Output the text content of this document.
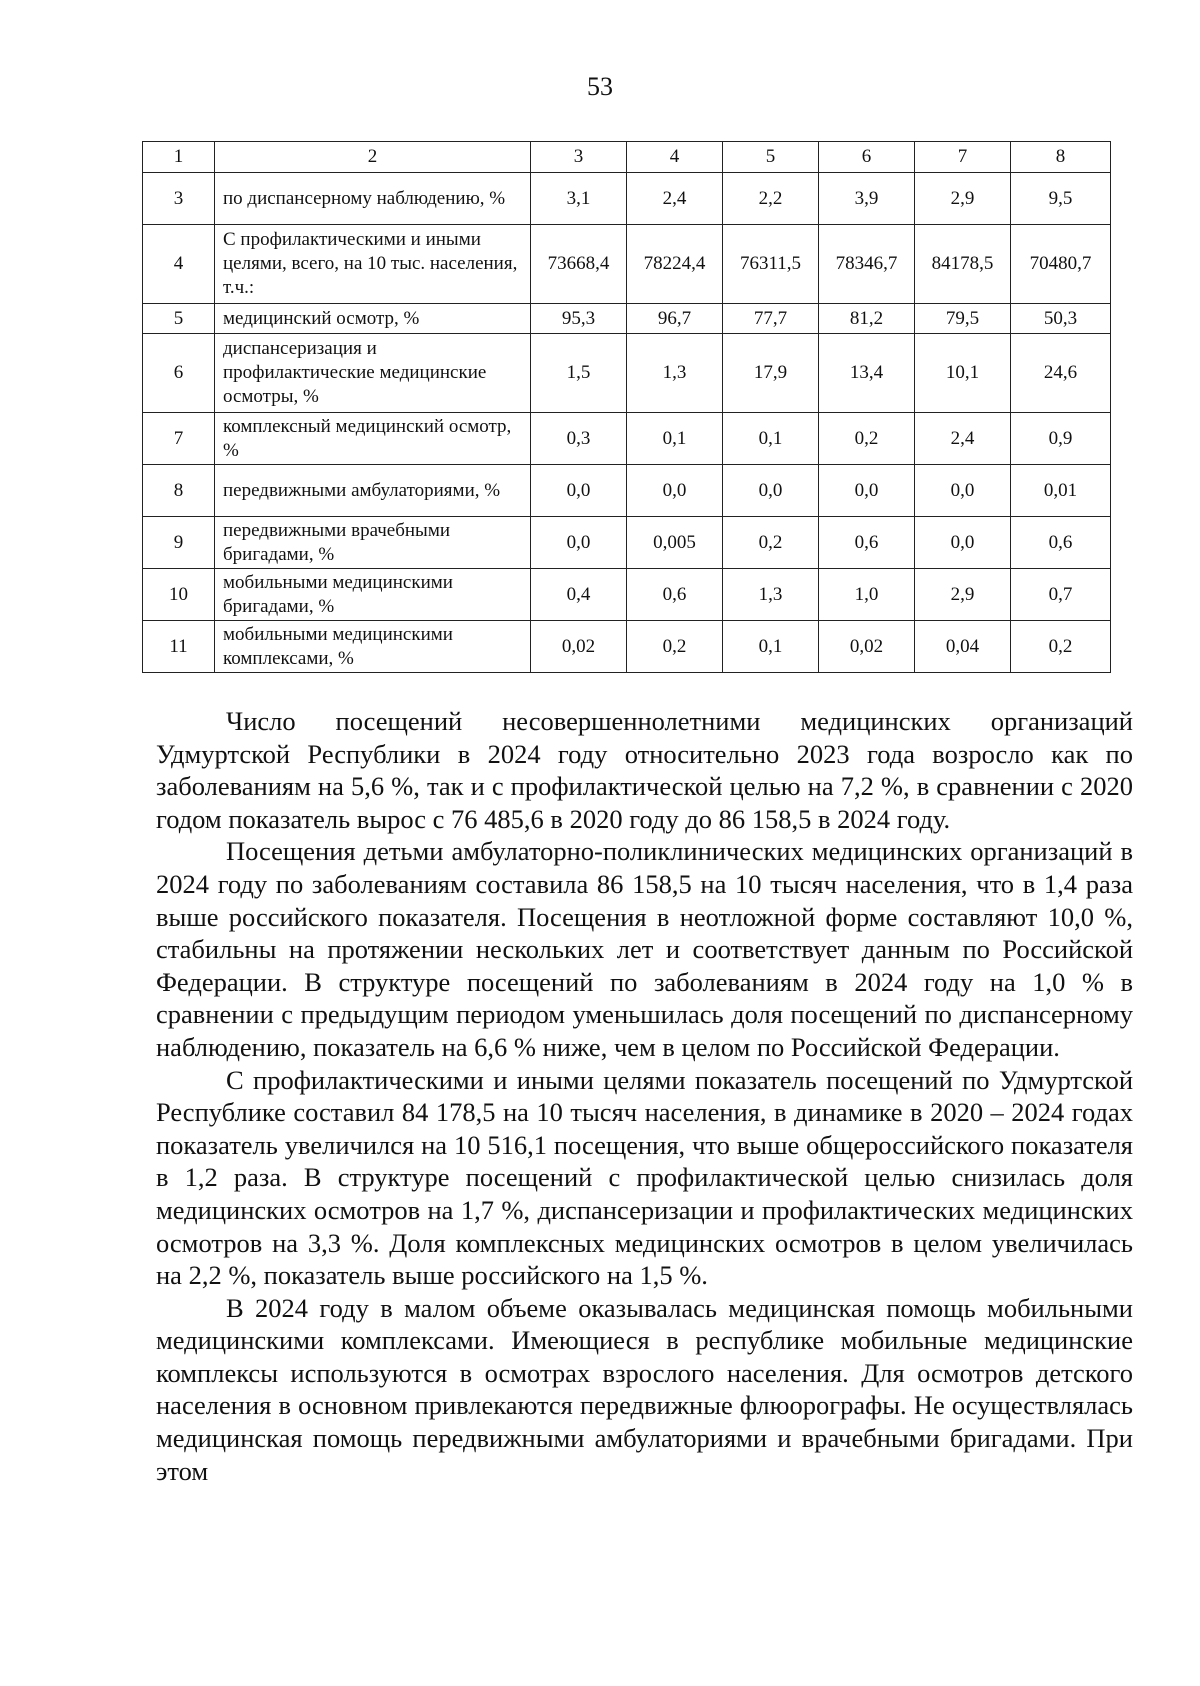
53
1	2	3	4	5	6	7	8
3	по диспансерному наблюдению, %	3,1	2,4	2,2	3,9	2,9	9,5
4	С профилактическими и иными целями, всего, на 10 тыс. населения, т.ч.:	73668,4	78224,4	76311,5	78346,7	84178,5	70480,7
5	медицинский осмотр, %	95,3	96,7	77,7	81,2	79,5	50,3
6	диспансеризация и профилактические медицинские осмотры, %	1,5	1,3	17,9	13,4	10,1	24,6
7	комплексный медицинский осмотр, %	0,3	0,1	0,1	0,2	2,4	0,9
8	передвижными амбулаториями, %	0,0	0,0	0,0	0,0	0,0	0,01
9	передвижными врачебными бригадами, %	0,0	0,005	0,2	0,6	0,0	0,6
10	мобильными медицинскими бригадами, %	0,4	0,6	1,3	1,0	2,9	0,7
11	мобильными медицинскими комплексами, %	0,02	0,2	0,1	0,02	0,04	0,2

Число посещений несовершеннолетними медицинских организаций Удмуртской Республики в 2024 году относительно 2023 года возросло как по заболеваниям на 5,6 %, так и с профилактической целью на 7,2 %, в сравнении с 2020 годом показатель вырос с 76 485,6 в 2020 году до 86 158,5 в 2024 году.

Посещения детьми амбулаторно-поликлинических медицинских организаций в 2024 году по заболеваниям составила 86 158,5 на 10 тысяч населения, что в 1,4 раза выше российского показателя. Посещения в неотложной форме составляют 10,0 %, стабильны на протяжении нескольких лет и соответствует данным по Российской Федерации. В структуре посещений по заболеваниям в 2024 году на 1,0 % в сравнении с предыдущим периодом уменьшилась доля посещений по диспансерному наблюдению, показатель на 6,6 % ниже, чем в целом по Российской Федерации.

С профилактическими и иными целями показатель посещений по Удмуртской Республике составил 84 178,5 на 10 тысяч населения, в динамике в 2020 – 2024 годах показатель увеличился на 10 516,1 посещения, что выше общероссийского показателя в 1,2 раза. В структуре посещений с профилактической целью снизилась доля медицинских осмотров на 1,7 %, диспансеризации и профилактических медицинских осмотров на 3,3 %. Доля комплексных медицинских осмотров в целом увеличилась на 2,2 %, показатель выше российского на 1,5 %.

В 2024 году в малом объеме оказывалась медицинская помощь мобильными медицинскими комплексами. Имеющиеся в республике мобильные медицинские комплексы используются в осмотрах взрослого населения. Для осмотров детского населения в основном привлекаются передвижные флюорографы. Не осуществлялась медицинская помощь передвижными амбулаториями и врачебными бригадами. При этом
